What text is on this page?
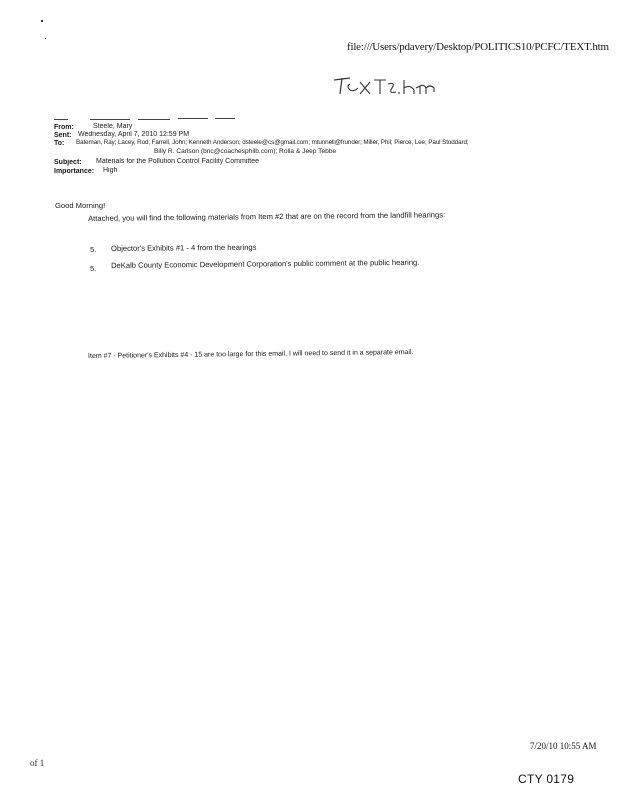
file:///Users/pdavery/Desktop/POLITICS10/PCFC/TEXT.htm
From:	Steele, Mary
Sent: Wednesday, April 7, 2010 12:59 PM
To: Bateman, Ray; Lacey, Rod; Farrell, John; Kenneth Anderson; dsteele@cs@gmail.com; mtunnell@frunder; Miller, Phil; Pierce, Lee; Paul Stoddard;
Billy R. Carlson (bnc@coachesphilb.com); Rolla & Jeep Tebbe
Subject: Materials for the Pollution Control Facility Committee
Importance: High
Good Morning!
Attached, you will find the following materials from Item #2 that are on the record from the landfill hearings:
5. Objector's Exhibits #1 - 4 from the hearings
5. DeKalb County Economic Development Corporation's public comment at the public hearing.
Item #7 - Petitioner's Exhibits #4 - 15 are too large for this email. I will need to send it in a separate email.
of 1
7/20/10 10:55 AM
CTY 0179
